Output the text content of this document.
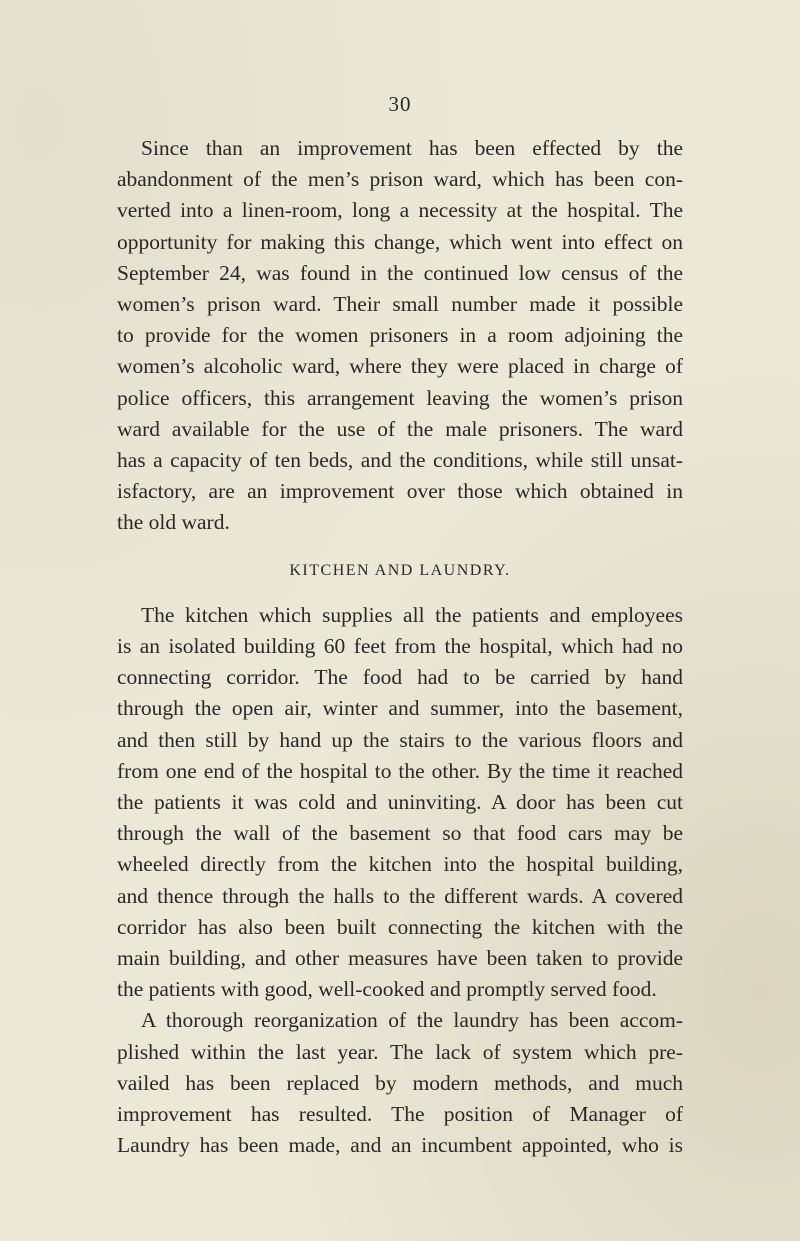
30

Since than an improvement has been effected by the
abandonment of the men’s prison ward, which has been con-
verted into a linen-room, long a necessity at the hospital. The
opportunity for making this change, which went into effect on
September 24, was found in the continued low census of the
women’s prison ward. Their small number made it possible
to provide for the women prisoners in a room adjoining the
women’s alcoholic ward, where they were placed in charge of
police officers, this arrangement leaving the women’s prison
ward available for the use of the male prisoners. The ward
has a capacity of ten beds, and the conditions, while still unsat-
isfactory, are an improvement over those which obtained in
the old ward.

KITCHEN AND LAUNDRY.

The kitchen which supplies all the patients and employees
is an isolated building 60 feet from the hospital, which had no
connecting corridor. The food had to be carried by hand
through the open air, winter and summer, into the basement,
and then still by hand up the stairs to the various floors and
from one end of the hospital to the other. By the time it reached
the patients it was cold and uninviting. A door has been cut
through the wall of the basement so that food cars may be
wheeled directly from the kitchen into the hospital building,
and thence through the halls to the different wards. A covered
corridor has also been built connecting the kitchen with the
main building, and other measures have been taken to provide
the patients with good, well-cooked and promptly served food.

A thorough reorganization of the laundry has been accom-
plished within the last year. The lack of system which pre-
vailed has been replaced by modern methods, and much
improvement has resulted. The position of Manager of
Laundry has been made, and an incumbent appointed, who is
